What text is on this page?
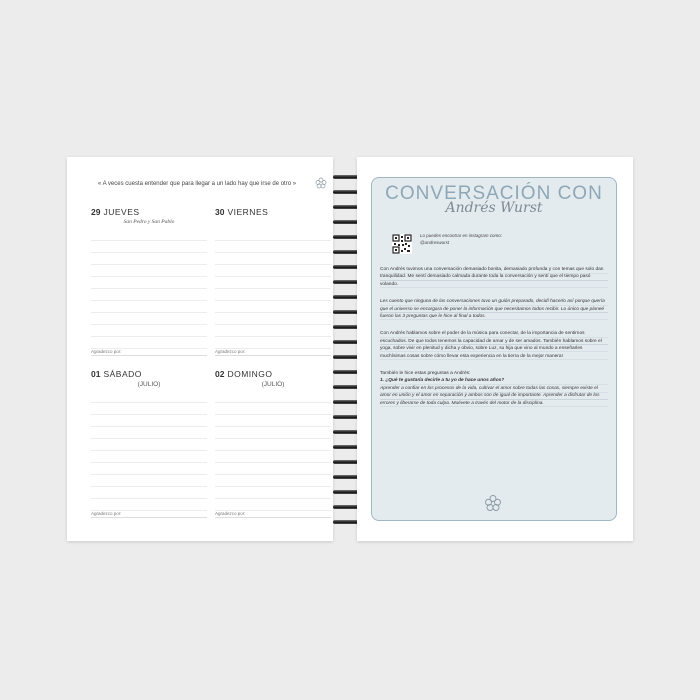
« A veces cuesta entender que para llegar a un lado hay que irse de otro »
29 JUEVES
San Pedro y San Pablo
Agradezco por:
30 VIERNES
Agradezco por:
01 SÁBADO
(JULIO)
Agradezco por:
02 DOMINGO
(JULIO)
Agradezco por:
CONVERSACIÓN CON
Andrés Wurst
Lo puedes encontrar en instagram como:
@andreswurst

Con Andrés tuvimos una conversación demasiado bonita, demasiado profunda y con temas que solo dan tranquilidad. Me sentí demasiado calmada durante toda la conversación y sentí que el tiempo pasó volando.

Les cuento que ninguna de las conversaciones tuvo un guión preparado, decidí hacerlo así porque quería que el universo se encargara de poner la información que necesitamos todos recibir. Lo único que planeé fueron las 3 preguntas que le hice al final a todos.

Con Andrés hablamos sobre el poder de la música para conectar, de la importancia de sentirnos escuchados. De que todos tenemos la capacidad de amar y de ser amados. También hablamos sobre el yoga, sobre vivir en plenitud y dicha y obvio, sobre Luz, su hija que vino al mundo a enseñarles muchísimas cosas sobre cómo llevar esta experiencia en la tierra de la mejor manera!

También le hice estas preguntas a Andrés:
1. ¿Qué te gustaría decirle a tu yo de hace unos años?

Aprender a confiar en los procesos de la vida, cultivar el amor sobre todas las cosas, siempre existe el amor en unión y el amor en separación y ambos son de igual de importante. Aprender a disfrutar de los errores y liberarse de toda culpa. Muévete a través del motor de la disciplina.
